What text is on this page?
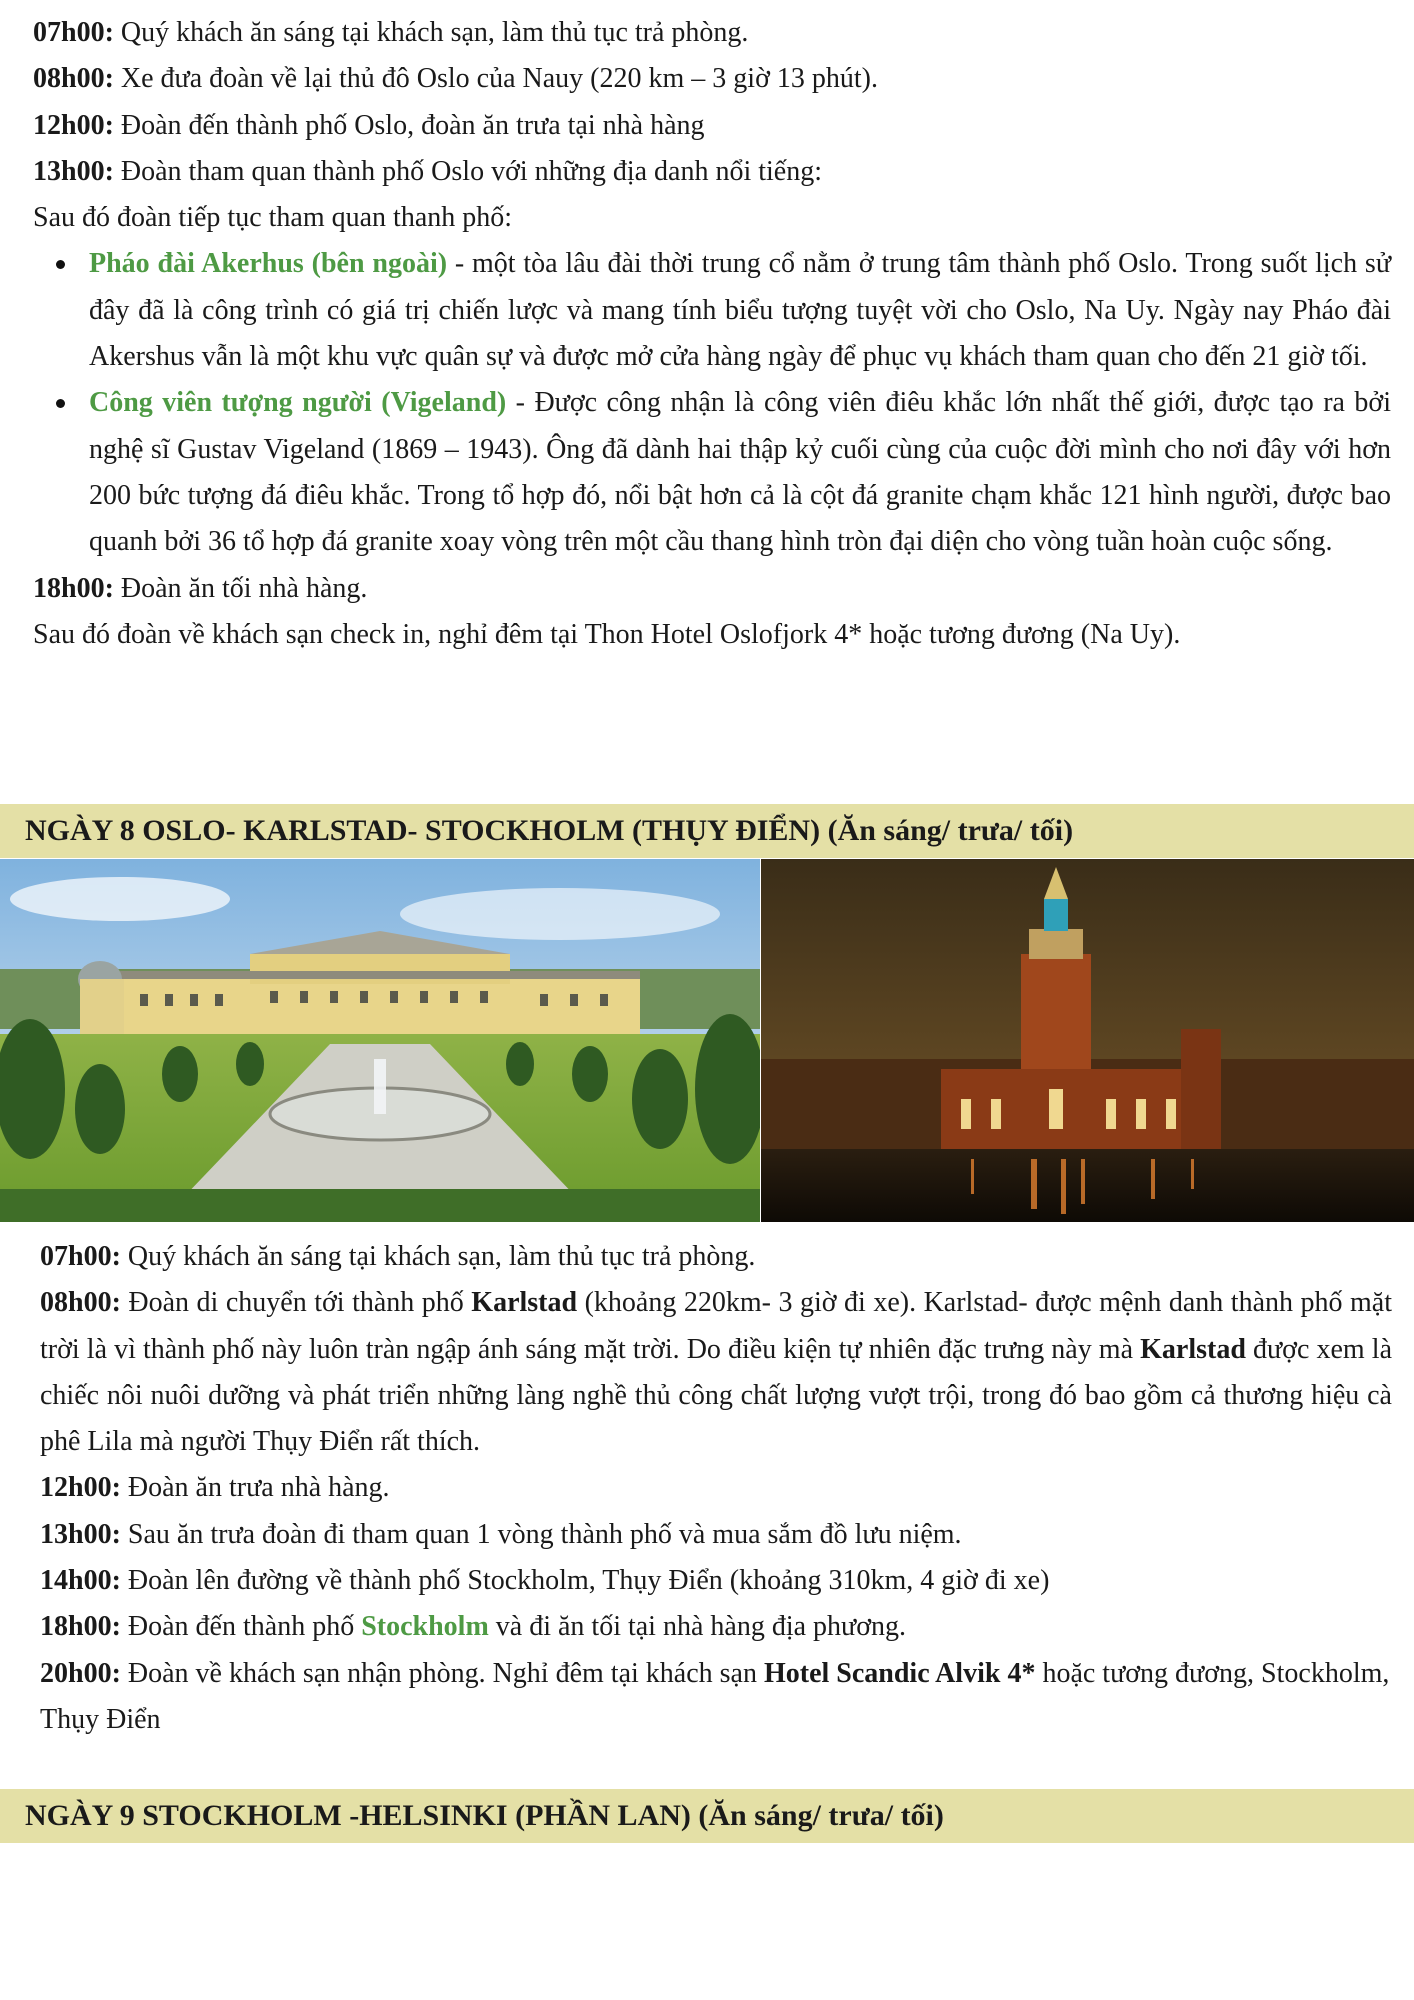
07h00: Quý khách ăn sáng tại khách sạn, làm thủ tục trả phòng.

08h00: Xe đưa đoàn về lại thủ đô Oslo của Nauy (220 km – 3 giờ 13 phút).

12h00: Đoàn đến thành phố Oslo, đoàn ăn trưa tại nhà hàng

13h00: Đoàn tham quan thành phố Oslo với những địa danh nổi tiếng:

Sau đó đoàn tiếp tục tham quan thanh phố:

Pháo đài Akerhus (bên ngoài) - một tòa lâu đài thời trung cổ nằm ở trung tâm thành phố Oslo. Trong suốt lịch sử đây đã là công trình có giá trị chiến lược và mang tính biểu tượng tuyệt vời cho Oslo, Na Uy. Ngày nay Pháo đài Akershus vẫn là một khu vực quân sự và được mở cửa hàng ngày để phục vụ khách tham quan cho đến 21 giờ tối.
Công viên tượng người (Vigeland) - Được công nhận là công viên điêu khắc lớn nhất thế giới, được tạo ra bởi nghệ sĩ Gustav Vigeland (1869 – 1943). Ông đã dành hai thập kỷ cuối cùng của cuộc đời mình cho nơi đây với hơn 200 bức tượng đá điêu khắc. Trong tổ hợp đó, nổi bật hơn cả là cột đá granite chạm khắc 121 hình người, được bao quanh bởi 36 tổ hợp đá granite xoay vòng trên một cầu thang hình tròn đại diện cho vòng tuần hoàn cuộc sống.

18h00: Đoàn ăn tối nhà hàng.

Sau đó đoàn về khách sạn check in, nghỉ đêm tại Thon Hotel Oslofjork 4* hoặc tương đương (Na Uy).

NGÀY 8 OSLO- KARLSTAD- STOCKHOLM (THỤY ĐIỂN) (Ăn sáng/ trưa/ tối)

07h00: Quý khách ăn sáng tại khách sạn, làm thủ tục trả phòng.

08h00: Đoàn di chuyển tới thành phố Karlstad (khoảng 220km- 3 giờ đi xe). Karlstad- được mệnh danh thành phố mặt trời là vì thành phố này luôn tràn ngập ánh sáng mặt trời. Do điều kiện tự nhiên đặc trưng này mà Karlstad được xem là chiếc nôi nuôi dưỡng và phát triển những làng nghề thủ công chất lượng vượt trội, trong đó bao gồm cả thương hiệu cà phê Lila mà người Thụy Điển rất thích.

12h00: Đoàn ăn trưa nhà hàng.

13h00: Sau ăn trưa đoàn đi tham quan 1 vòng thành phố và mua sắm đồ lưu niệm.

14h00: Đoàn lên đường về thành phố Stockholm, Thụy Điển (khoảng 310km, 4 giờ đi xe)

18h00: Đoàn đến thành phố Stockholm và đi ăn tối tại nhà hàng địa phương.

20h00: Đoàn về khách sạn nhận phòng. Nghỉ đêm tại khách sạn Hotel Scandic Alvik 4* hoặc tương đương, Stockholm, Thụy Điển

NGÀY 9 STOCKHOLM -HELSINKI (PHẦN LAN) (Ăn sáng/ trưa/ tối)
